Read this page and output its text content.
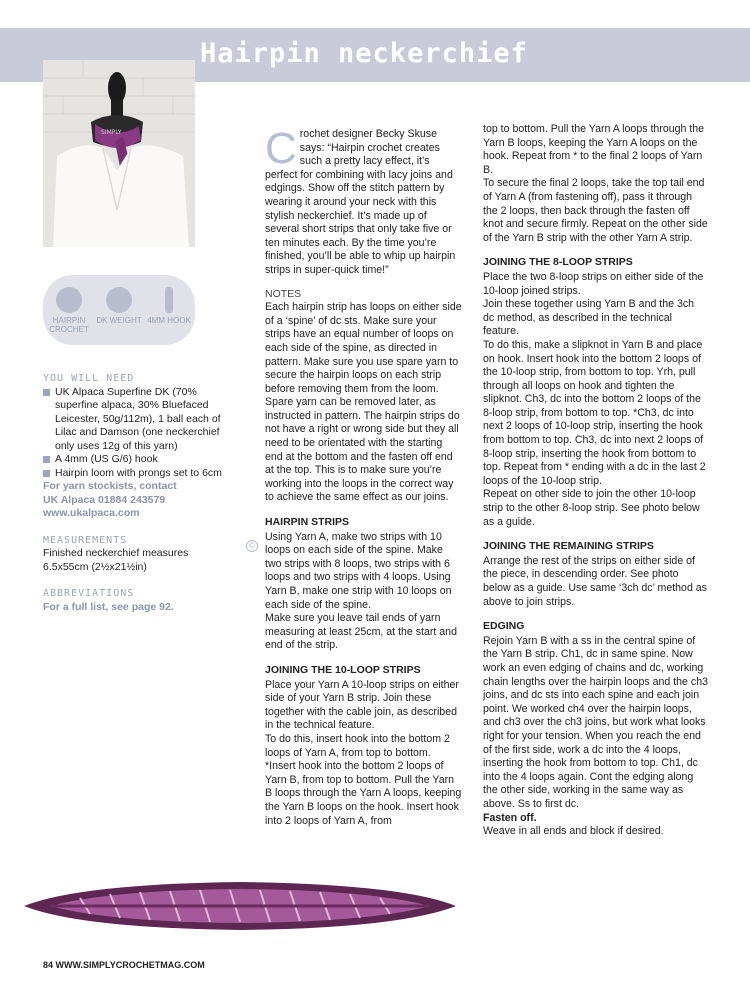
Hairpin neckerchief
SIMPLY
HAIRPIN CROCHET
DK WEIGHT 4MM HOOK
YOU WILL NEED
UK Alpaca Superfine DK (70% superfine alpaca, 30% Bluefaced Leicester, 50g/112m), 1 ball each of Lilac and Damson (one neckerchief only uses 12g of this yarn)
A 4mm (US G/6) hook
Hairpin loom with prongs set to 6cm
For yarn stockists, contact
UK Alpaca 01884 243579
www.ukalpaca.com
MEASUREMENTS
Finished neckerchief measures 6.5x55cm (2½x21½in)
ABBREVIATIONS
For a full list, see page 92.

Crochet designer Becky Skuse says: “Hairpin crochet creates such a pretty lacy effect, it’s perfect for combining with lacy joins and edgings. Show off the stitch pattern by wearing it around your neck with this stylish neckerchief. It’s made up of several short strips that only take five or ten minutes each. By the time you’re finished, you’ll be able to whip up hairpin strips in super-quick time!”

NOTES

Each hairpin strip has loops on either side of a ‘spine’ of dc sts. Make sure your strips have an equal number of loops on each side of the spine, as directed in pattern. Make sure you use spare yarn to secure the hairpin loops on each strip before removing them from the loom. Spare yarn can be removed later, as instructed in pattern. The hairpin strips do not have a right or wrong side but they all need to be orientated with the starting end at the bottom and the fasten off end at the top. This is to make sure you’re working into the loops in the correct way to achieve the same effect as our joins.

HAIRPIN STRIPS

Using Yarn A, make two strips with 10 loops on each side of the spine. Make two strips with 8 loops, two strips with 6 loops and two strips with 4 loops. Using Yarn B, make one strip with 10 loops on each side of the spine.

Make sure you leave tail ends of yarn measuring at least 25cm, at the start and end of the strip.

JOINING THE 10-LOOP STRIPS

Place your Yarn A 10-loop strips on either side of your Yarn B strip. Join these together with the cable join, as described in the technical feature.

To do this, insert hook into the bottom 2 loops of Yarn A, from top to bottom. *Insert hook into the bottom 2 loops of Yarn B, from top to bottom. Pull the Yarn B loops through the Yarn A loops, keeping the Yarn B loops on the hook. Insert hook into 2 loops of Yarn A, from

©

top to bottom. Pull the Yarn A loops through the Yarn B loops, keeping the Yarn A loops on the hook. Repeat from * to the final 2 loops of Yarn B.

To secure the final 2 loops, take the top tail end of Yarn A (from fastening off), pass it through the 2 loops, then back through the fasten off knot and secure firmly. Repeat on the other side of the Yarn B strip with the other Yarn A strip.

JOINING THE 8-LOOP STRIPS

Place the two 8-loop strips on either side of the 10-loop joined strips.

Join these together using Yarn B and the 3ch dc method, as described in the technical feature.

To do this, make a slipknot in Yarn B and place on hook. Insert hook into the bottom 2 loops of the 10-loop strip, from bottom to top. Yrh, pull through all loops on hook and tighten the slipknot. Ch3, dc into the bottom 2 loops of the 8-loop strip, from bottom to top. *Ch3, dc into next 2 loops of 10-loop strip, inserting the hook from bottom to top. Ch3, dc into next 2 loops of 8-loop strip, inserting the hook from bottom to top. Repeat from * ending with a dc in the last 2 loops of the 10-loop strip.

Repeat on other side to join the other 10-loop strip to the other 8-loop strip. See photo below as a guide.

JOINING THE REMAINING STRIPS

Arrange the rest of the strips on either side of the piece, in descending order. See photo below as a guide. Use same ‘3ch dc’ method as above to join strips.

EDGING

Rejoin Yarn B with a ss in the central spine of the Yarn B strip. Ch1, dc in same spine. Now work an even edging of chains and dc, working chain lengths over the hairpin loops and the ch3 joins, and dc sts into each spine and each join point. We worked ch4 over the hairpin loops, and ch3 over the ch3 joins, but work what looks right for your tension. When you reach the end of the first side, work a dc into the 4 loops, inserting the hook from bottom to top. Ch1, dc into the 4 loops again. Cont the edging along the other side, working in the same way as above. Ss to first dc.

Fasten off.

Weave in all ends and block if desired.

84 WWW.SIMPLYCROCHETMAG.COM
